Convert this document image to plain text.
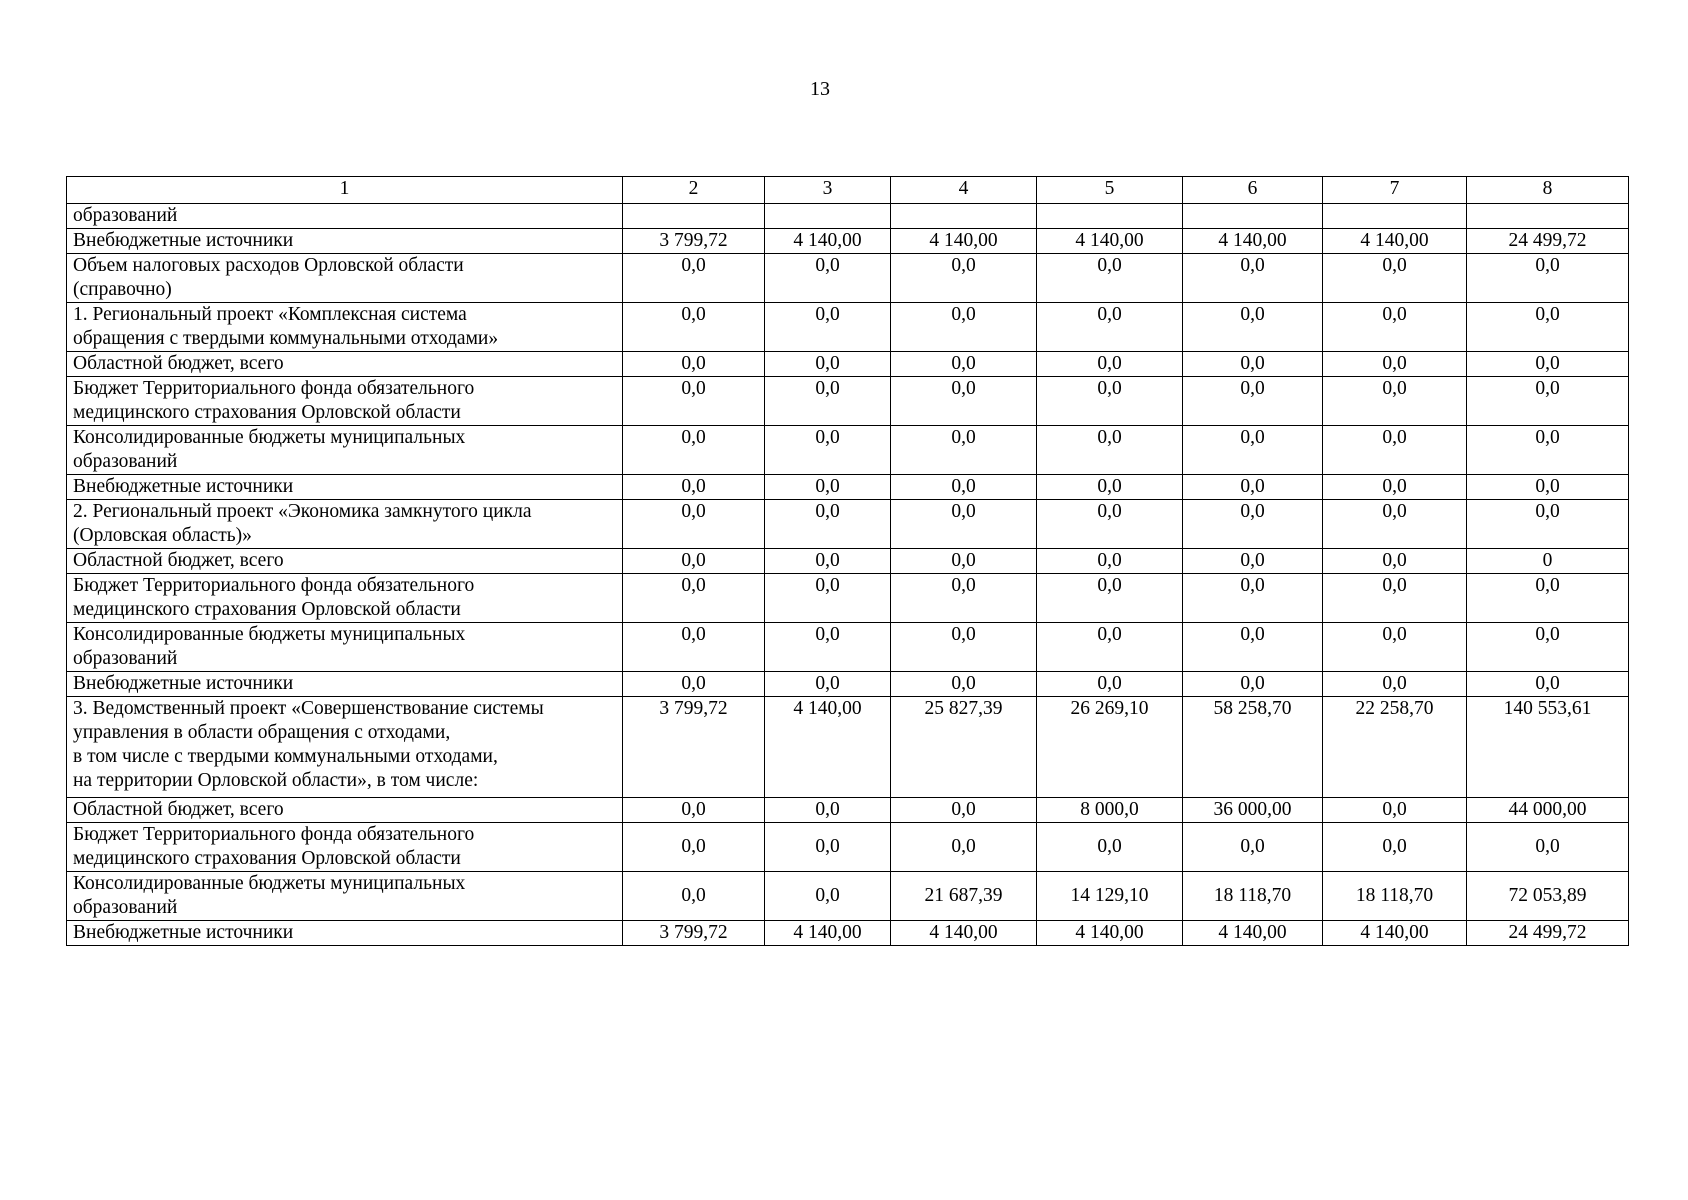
13
1	2	3	4	5	6	7	8
образований							
Внебюджетные источники	3 799,72	4 140,00	4 140,00	4 140,00	4 140,00	4 140,00	24 499,72
Объем налоговых расходов Орловской области
(справочно)	0,0	0,0	0,0	0,0	0,0	0,0	0,0
1. Региональный проект «Комплексная система
обращения с твердыми коммунальными отходами»	0,0	0,0	0,0	0,0	0,0	0,0	0,0
Областной бюджет, всего	0,0	0,0	0,0	0,0	0,0	0,0	0,0
Бюджет Территориального фонда обязательного
медицинского страхования Орловской области	0,0	0,0	0,0	0,0	0,0	0,0	0,0
Консолидированные бюджеты муниципальных
образований	0,0	0,0	0,0	0,0	0,0	0,0	0,0
Внебюджетные источники	0,0	0,0	0,0	0,0	0,0	0,0	0,0
2. Региональный проект «Экономика замкнутого цикла
(Орловская область)»	0,0	0,0	0,0	0,0	0,0	0,0	0,0
Областной бюджет, всего	0,0	0,0	0,0	0,0	0,0	0,0	0
Бюджет Территориального фонда обязательного
медицинского страхования Орловской области	0,0	0,0	0,0	0,0	0,0	0,0	0,0
Консолидированные бюджеты муниципальных
образований	0,0	0,0	0,0	0,0	0,0	0,0	0,0
Внебюджетные источники	0,0	0,0	0,0	0,0	0,0	0,0	0,0
3. Ведомственный проект «Совершенствование системы
управления в области обращения с отходами,
в том числе с твердыми коммунальными отходами,
на территории Орловской области», в том числе:	3 799,72	4 140,00	25 827,39	26 269,10	58 258,70	22 258,70	140 553,61
Областной бюджет, всего	0,0	0,0	0,0	8 000,0	36 000,00	0,0	44 000,00
Бюджет Территориального фонда обязательного
медицинского страхования Орловской области	0,0	0,0	0,0	0,0	0,0	0,0	0,0
Консолидированные бюджеты муниципальных
образований	0,0	0,0	21 687,39	14 129,10	18 118,70	18 118,70	72 053,89
Внебюджетные источники	3 799,72	4 140,00	4 140,00	4 140,00	4 140,00	4 140,00	24 499,72
